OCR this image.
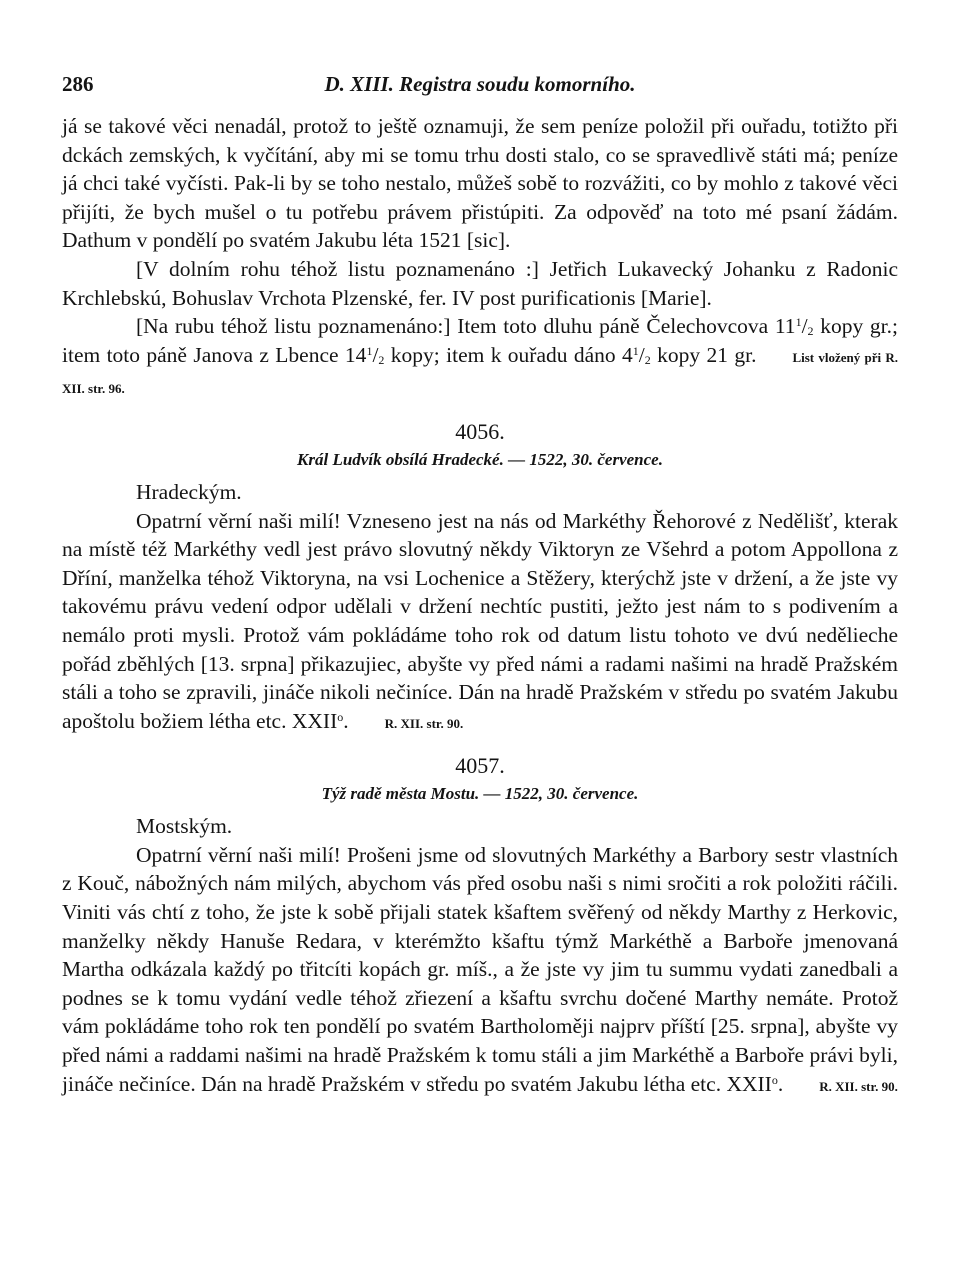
286	D. XIII. Registra soudu komorního.

já se takové věci nenadál, protož to ještě oznamuji, že sem peníze položil při ouřadu, totižto při dckách zemských, k vyčítání, aby mi se tomu trhu dosti stalo, co se spravedlivě státi má; peníze já chci také vyčísti. Pak-li by se toho nestalo, můžeš sobě to rozvážiti, co by mohlo z takové věci přijíti, že bych mušel o tu potřebu právem přistúpiti. Za odpověď na toto mé psaní žádám. Dathum v pondělí po svatém Jakubu léta 1521 [sic].

[V dolním rohu téhož listu poznamenáno :] Jetřich Lukavecký Johanku z Radonic Krchlebskú, Bohuslav Vrchota Plzenské, fer. IV post purificationis [Marie].

[Na rubu téhož listu poznamenáno:] Item toto dluhu páně Čelechovcova $11^1/_2$ kopy gr.; item toto páně Janova z Lbence $14^1/_2$ kopy; item k ouřadu dáno $4^1/_2$ kopy 21 gr.	List vložený při R. XII. str. 96.

4056.
Král Ludvík obsílá Hradecké. — 1522, 30. července.
Hradeckým.

Opatrní věrní naši milí! Vzneseno jest na nás od Markéthy Řehorové z Nedělišť, kterak na místě též Markéthy vedl jest právo slovutný někdy Viktoryn ze Všehrd a potom Appollona z Dříní, manželka téhož Viktoryna, na vsi Lochenice a Stěžery, kterýchž jste v držení, a že jste vy takovému právu vedení odpor udělali v držení nechtíc pustiti, ježto jest nám to s podivením a nemálo proti mysli. Protož vám pokládáme toho rok od datum listu tohoto ve dvú nedělieche pořád zběhlých [13. srpna] přikazujiec, abyšte vy před námi a radami našimi na hradě Pražském stáli a toho se zpravili, jináče nikoli nečiníce. Dán na hradě Pražském v středu po svatém Jakubu apoštolu božiem létha etc. XXII$^o$.	R. XII. str. 90.

4057.
Týž radě města Mostu. — 1522, 30. července.
Mostským.

Opatrní věrní naši milí! Prošeni jsme od slovutných Markéthy a Barbory sestr vlastních z Kouč, nábožných nám milých, abychom vás před osobu naši s nimi sročiti a rok položiti ráčili. Viniti vás chtí z toho, že jste k sobě přijali statek kšaftem svěřený od někdy Marthy z Herkovic, manželky někdy Hanuše Redara, v kterémžto kšaftu týmž Markéthě a Barboře jmenovaná Martha odkázala každý po třitcíti kopách gr. míš., a že jste vy jim tu summu vydati zanedbali a podnes se k tomu vydání vedle téhož zřiezení a kšaftu svrchu dočené Marthy nemáte. Protož vám pokládáme toho rok ten pondělí po svatém Bartholoměji najprv příští [25. srpna], abyšte vy před námi a raddami našimi na hradě Pražském k tomu stáli a jim Markéthě a Barboře právi byli, jináče nečiníce. Dán na hradě Pražském v středu po svatém Jakubu létha etc. XXII$^o$.	R. XII. str. 90.
